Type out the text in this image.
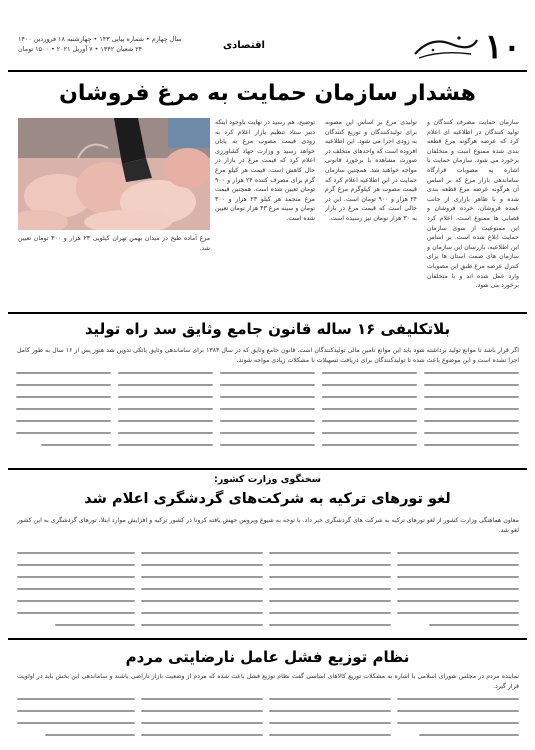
۱۰
اقتصادی
سال چهارم • شماره پیاپی ۱۴۳ • چهارشنبه ۱۸ فروردین ۱۴۰۰
۲۴ شعبان ۱۴۴۲ • ۷ آوریل ۲۰۲۱ • ۱۵۰۰ تومان
هشدار سازمان حمایت به مرغ فروشان
سازمان حمایت مصرف کنندگان و تولید کنندگان در اطلاعیه ای اعلام کرد که عرضه هرگونه مرغ قطعه بندی شده ممنوع است و متخلفان برخورد می شود. سازمان حمایت با اشاره به مصوبات قرارگاه ساماندهی بازار مرغ که بر اساس آن هرگونه عرضه مرغ قطعه بندی شده و با ظاهر بازاری از جانب عمده فروشان، خرده فروشان و قصابی ها ممنوع است، اعلام کرد این ممنوعیت از سوی سازمان حمایت ابلاغ شده است. بر اساس این اطلاعیه، بازرسان این سازمان و سازمان های صمت استان ها برای کنترل عرضه مرغ طبق این مصوبات وارد عمل شده اند و با متخلفان برخورد می شود.
تولیدی مرغ بر اساس این مصوبه برای تولیدکنندگان و توزیع کنندگان به زودی اجرا می شود. این اطلاعیه افزوده است که واحدهای متخلف در صورت مشاهده با برخورد قانونی مواجه خواهند شد. همچنین سازمان حمایت در این اطلاعیه اعلام کرد که قیمت مصوب هر کیلوگرم مرغ گرم ۲۴ هزار و ۹۰۰ تومان است. این در حالی است که قیمت مرغ در بازار به ۳۰ هزار تومان نیز رسیده است.
توضیح، هم رسید در نهایت باوجود اینکه دبیر ستاد تنظیم بازار اعلام کرد به زودی قیمت مصوب مرغ به پایان خواهد رسید و وزارت جهاد کشاورزی اعلام کرد که قیمت مرغ در بازار در حال کاهش است. قیمت هر کیلو مرغ گرم برای مصرف کننده ۲۴ هزار و ۹۰۰ تومان تعیین شده است. همچنین قیمت مرغ منجمد هر کیلو ۲۳ هزار و ۳۰۰ تومان و سینه مرغ ۴۳ هزار تومان تعیین شده است.
مرغ آماده طبخ در میدان بهمن تهران کیلویی ۲۳ هزار و ۳۰۰ تومان تعیین شد.
بلاتکلیفی ۱۶ ساله قانون جامع وثایق سد راه تولید
اگر قرار باشد تا موانع تولید برداشته شود باید این موانع تامین مالی تولیدکنندگان است. قانون جامع وثایق که در سال ۱۳۸۳ برای ساماندهی وثایق بانکی تدوین شد هنوز پس از ۱۶ سال به طور کامل اجرا نشده است و این موضوع باعث شده تا تولیدکنندگان برای دریافت تسهیلات با مشکلات زیادی مواجه شوند.
سخنگوی وزارت کشور:
لغو تورهای ترکیه به شرکت‌های گردشگری اعلام شد
معاون هماهنگی وزارت کشور از لغو تورهای ترکیه به شرکت های گردشگری خبر داد. با توجه به شیوع ویروس جهش یافته کرونا در کشور ترکیه و افزایش موارد ابتلا، تورهای گردشگری به این کشور لغو شد.
نظام توزیع فشل عامل نارضایتی مردم
نماینده مردم در مجلس شورای اسلامی با اشاره به مشکلات توزیع کالاهای اساسی گفت نظام توزیع فشل باعث شده که مردم از وضعیت بازار ناراضی باشند و ساماندهی این بخش باید در اولویت قرار گیرد.
